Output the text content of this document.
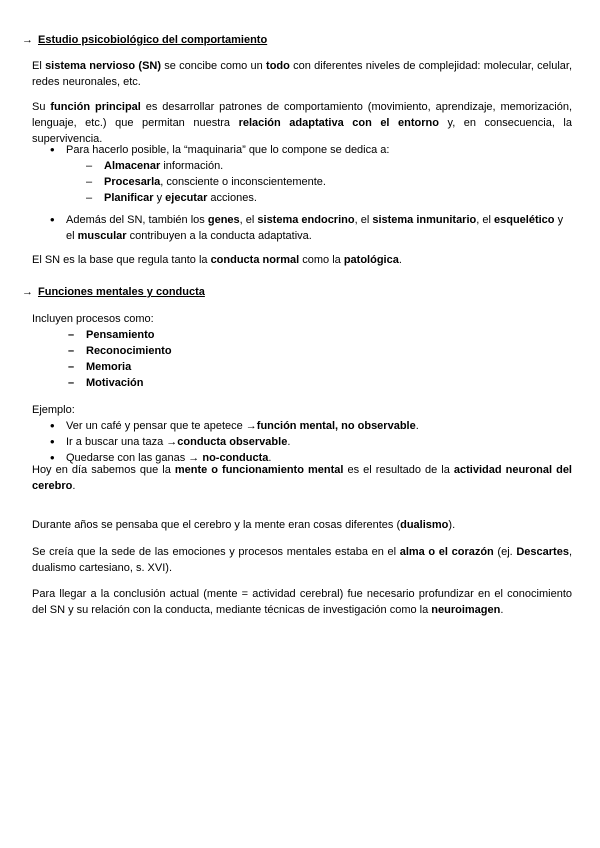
→ Estudio psicobiológico del comportamiento

El sistema nervioso (SN) se concibe como un todo con diferentes niveles de complejidad: molecular, celular, redes neuronales, etc.

Su función principal es desarrollar patrones de comportamiento (movimiento, aprendizaje, memorización, lenguaje, etc.) que permitan nuestra relación adaptativa con el entorno y, en consecuencia, la supervivencia.

• Para hacerlo posible, la “maquinaria” que lo compone se dedica a:
– Almacenar información.
– Procesarla, consciente o inconscientemente.
– Planificar y ejecutar acciones.
• Además del SN, también los genes, el sistema endocrino, el sistema inmunitario, el esquelético y el muscular contribuyen a la conducta adaptativa.

El SN es la base que regula tanto la conducta normal como la patológica.

→ Funciones mentales y conducta

Incluyen procesos como:

– Pensamiento
– Reconocimiento
– Memoria
– Motivación

Ejemplo:

• Ver un café y pensar que te apetece →función mental, no observable.
• Ir a buscar una taza →conducta observable.
• Quedarse con las ganas → no-conducta.

Hoy en día sabemos que la mente o funcionamiento mental es el resultado de la actividad neuronal del cerebro.

Durante años se pensaba que el cerebro y la mente eran cosas diferentes (dualismo).

Se creía que la sede de las emociones y procesos mentales estaba en el alma o el corazón (ej. Descartes, dualismo cartesiano, s. XVI).

Para llegar a la conclusión actual (mente = actividad cerebral) fue necesario profundizar en el conocimiento del SN y su relación con la conducta, mediante técnicas de investigación como la neuroimagen.
